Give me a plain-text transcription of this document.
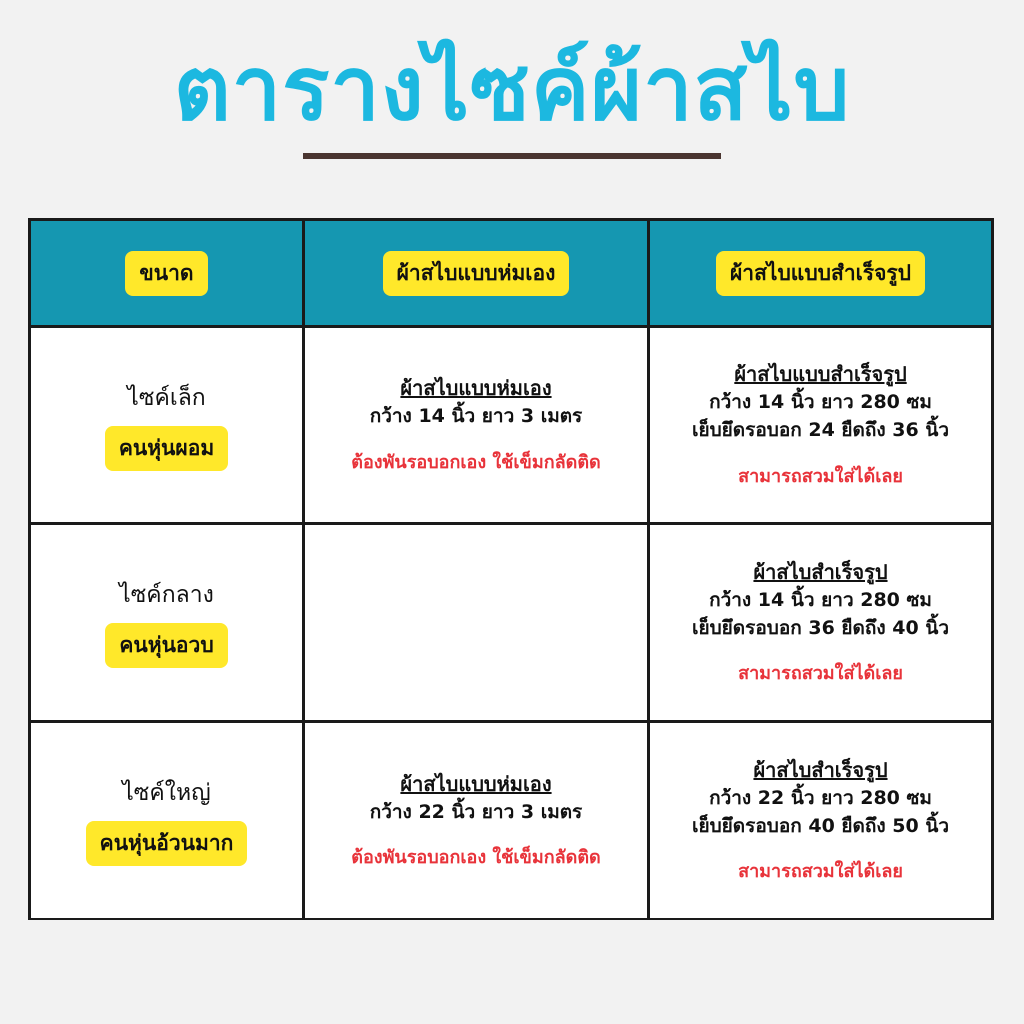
ตารางไซค์ผ้าสไบ
ขนาด	ผ้าสไบแบบห่มเอง	ผ้าสไบแบบสำเร็จรูป
ไซค์เล็ก
คนหุ่นผอม
ผ้าสไบแบบห่มเอง
กว้าง 14 นิ้ว ยาว 3 เมตร
ต้องพันรอบอกเอง ใช้เข็มกลัดติด
ผ้าสไบแบบสำเร็จรูป
กว้าง 14 นิ้ว ยาว 280 ซม
เย็บยึดรอบอก 24 ยืดถึง 36 นิ้ว
สามารถสวมใส่ได้เลย
ไซค์กลาง
คนหุ่นอวบ
ผ้าสไบสำเร็จรูป
กว้าง 14 นิ้ว ยาว 280 ซม
เย็บยึดรอบอก 36 ยืดถึง 40 นิ้ว
สามารถสวมใส่ได้เลย
ไซค์ใหญ่
คนหุ่นอ้วนมาก
ผ้าสไบแบบห่มเอง
กว้าง 22 นิ้ว ยาว 3 เมตร
ต้องพันรอบอกเอง ใช้เข็มกลัดติด
ผ้าสไบสำเร็จรูป
กว้าง 22 นิ้ว ยาว 280 ซม
เย็บยึดรอบอก 40 ยืดถึง 50 นิ้ว
สามารถสวมใส่ได้เลย
